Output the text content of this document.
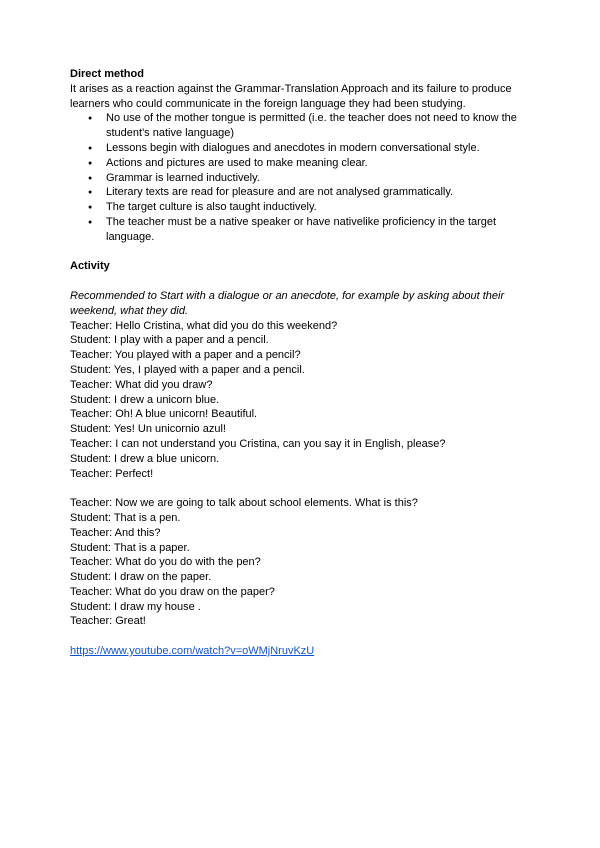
Direct method

It arises as a reaction against the Grammar-Translation Approach and its failure to produce learners who could communicate in the foreign language they had been studying.

● No use of the mother tongue is permitted (i.e. the teacher does not need to know the student's native language)
● Lessons begin with dialogues and anecdotes in modern conversational style.
● Actions and pictures are used to make meaning clear.
● Grammar is learned inductively.
● Literary texts are read for pleasure and are not analysed grammatically.
● The target culture is also taught inductively.
● The teacher must be a native speaker or have nativelike proficiency in the target language.
Activity

Recommended to Start with a dialogue or an anecdote, for example by asking about their weekend, what they did.

Teacher: Hello Cristina, what did you do this weekend?
Student: I play with a paper and a pencil.
Teacher: You played with a paper and a pencil?
Student: Yes, I played with a paper and a pencil.
Teacher: What did you draw?
Student: I drew a unicorn blue.
Teacher: Oh! A blue unicorn! Beautiful.
Student: Yes! Un unicornio azul!
Teacher: I can not understand you Cristina, can you say it in English, please?
Student: I drew a blue unicorn.
Teacher: Perfect!
Teacher: Now we are going to talk about school elements. What is this?
Student: That is a pen.
Teacher: And this?
Student: That is a paper.
Teacher: What do you do with the pen?
Student: I draw on the paper.
Teacher: What do you draw on the paper?
Student: I draw my house .
Teacher: Great!
https://www.youtube.com/watch?v=oWMjNruvKzU
